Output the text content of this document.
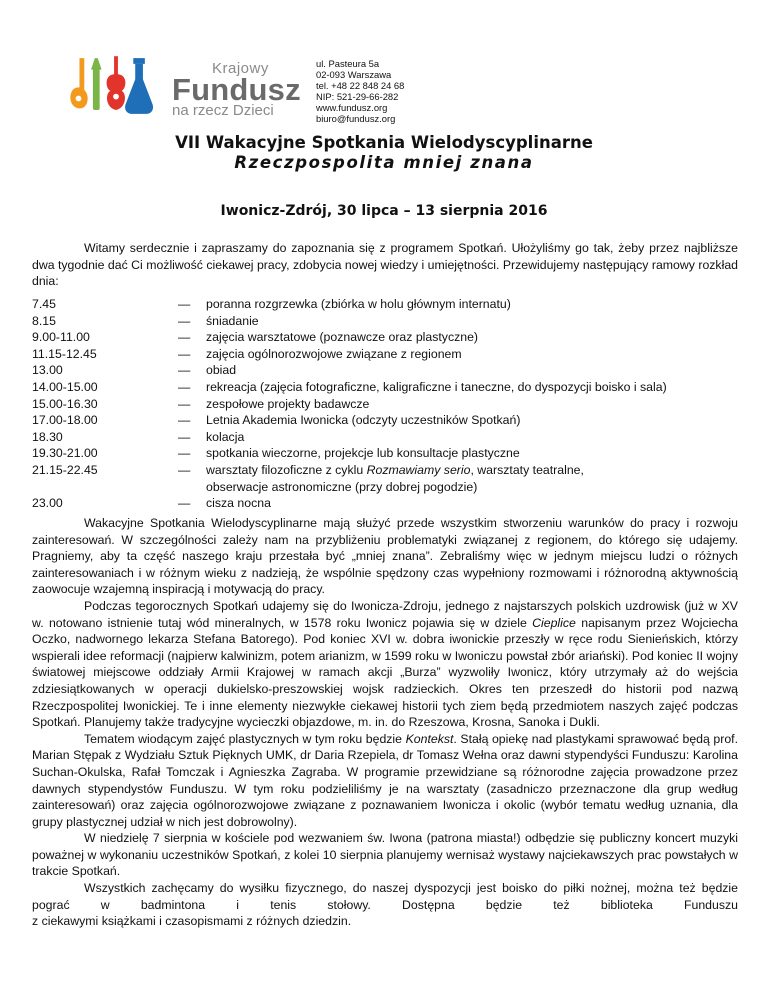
Krajowy
Fundusz
na rzecz Dzieci
ul. Pasteura 5a
02-093 Warszawa
tel. +48 22 848 24 68
NIP: 521-29-66-282
www.fundusz.org
biuro@fundusz.org
VII Wakacyjne Spotkania Wielodyscyplinarne
Rzeczpospolita mniej znana
Iwonicz-Zdrój, 30 lipca – 13 sierpnia 2016
Witamy serdecznie i zapraszamy do zapoznania się z programem Spotkań. Ułożyliśmy go tak, żeby przez najbliższe dwa tygodnie dać Ci możliwość ciekawej pracy, zdobycia nowej wiedzy i umiejętności. Przewidujemy następujący ramowy rozkład dnia:
7.45	—	poranna rozgrzewka (zbiórka w holu głównym internatu)
8.15	—	śniadanie
9.00-11.00	—	zajęcia warsztatowe (poznawcze oraz plastyczne)
11.15-12.45	—	zajęcia ogólnorozwojowe związane z regionem
13.00	—	obiad
14.00-15.00	—	rekreacja (zajęcia fotograficzne, kaligraficzne i taneczne, do dyspozycji boisko i sala)
15.00-16.30	—	zespołowe projekty badawcze
17.00-18.00	—	Letnia Akademia Iwonicka (odczyty uczestników Spotkań)
18.30	—	kolacja
19.30-21.00	—	spotkania wieczorne, projekcje lub konsultacje plastyczne
21.15-22.45	—	warsztaty filozoficzne z cyklu Rozmawiamy serio, warsztaty teatralne,
obserwacje astronomiczne (przy dobrej pogodzie)
23.00	—	cisza nocna

Wakacyjne Spotkania Wielodyscyplinarne mają służyć przede wszystkim stworzeniu warunków do pracy i rozwoju zainteresowań. W szczególności zależy nam na przybliżeniu problematyki związanej z regionem, do którego się udajemy. Pragniemy, aby ta część naszego kraju przestała być „mniej znana”. Zebraliśmy więc w jednym miejscu ludzi o różnych zainteresowaniach i w różnym wieku z nadzieją, że wspólnie spędzony czas wypełniony rozmowami i różnorodną aktywnością zaowocuje wzajemną inspiracją i motywacją do pracy.

Podczas tegorocznych Spotkań udajemy się do Iwonicza-Zdroju, jednego z najstarszych polskich uzdrowisk (już w XV w. notowano istnienie tutaj wód mineralnych, w 1578 roku Iwonicz pojawia się w dziele Cieplice napisanym przez Wojciecha Oczko, nadwornego lekarza Stefana Batorego). Pod koniec XVI w. dobra iwonickie przeszły w ręce rodu Sienieńskich, którzy wspierali idee reformacji (najpierw kalwinizm, potem arianizm, w 1599 roku w Iwoniczu powstał zbór ariański). Pod koniec II wojny światowej miejscowe oddziały Armii Krajowej w ramach akcji „Burza” wyzwoliły Iwonicz, który utrzymały aż do wejścia zdziesiątkowanych w operacji dukielsko-preszowskiej wojsk radzieckich. Okres ten przeszedł do historii pod nazwą Rzeczpospolitej Iwonickiej. Te i inne elementy niezwykłe ciekawej historii tych ziem będą przedmiotem naszych zajęć podczas Spotkań. Planujemy także tradycyjne wycieczki objazdowe, m. in. do Rzeszowa, Krosna, Sanoka i Dukli.

Tematem wiodącym zajęć plastycznych w tym roku będzie Kontekst. Stałą opiekę nad plastykami sprawować będą prof. Marian Stępak z Wydziału Sztuk Pięknych UMK, dr Daria Rzepiela, dr Tomasz Wełna oraz dawni stypendyści Funduszu: Karolina Suchan-Okulska, Rafał Tomczak i Agnieszka Zagraba. W programie przewidziane są różnorodne zajęcia prowadzone przez dawnych stypendystów Funduszu. W tym roku podzieliliśmy je na warsztaty (zasadniczo przeznaczone dla grup według zainteresowań) oraz zajęcia ogólnorozwojowe związane z poznawaniem Iwonicza i okolic (wybór tematu według uznania, dla grupy plastycznej udział w nich jest dobrowolny).

W niedzielę 7 sierpnia w kościele pod wezwaniem św. Iwona (patrona miasta!) odbędzie się publiczny koncert muzyki poważnej w wykonaniu uczestników Spotkań, z kolei 10 sierpnia planujemy wernisaż wystawy najciekawszych prac powstałych w trakcie Spotkań.

Wszystkich zachęcamy do wysiłku fizycznego, do naszej dyspozycji jest boisko do piłki nożnej, można też będzie pograć w badmintona i tenis stołowy. Dostępna będzie też biblioteka Funduszu

z ciekawymi książkami i czasopismami z różnych dziedzin.
